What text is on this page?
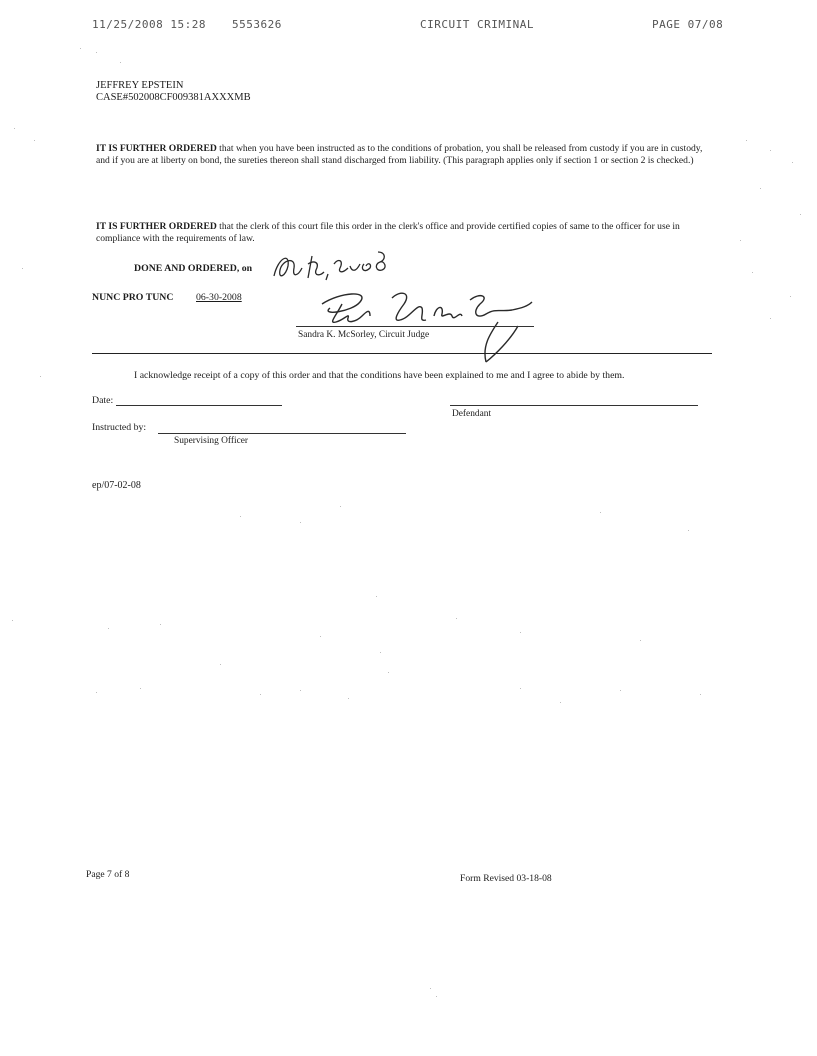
11/25/2008 15:28 5553626	CIRCUIT CRIMINAL	PAGE 07/08
JEFFREY EPSTEIN
CASE#502008CF009381AXXXMB
IT IS FURTHER ORDERED that when you have been instructed as to the conditions of probation, you shall be released from custody if you are in custody, and if you are at liberty on bond, the sureties thereon shall stand discharged from liability. (This paragraph applies only if section 1 or section 2 is checked.)
IT IS FURTHER ORDERED that the clerk of this court file this order in the clerk's office and provide certified copies of same to the officer for use in compliance with the requirements of law.
DONE AND ORDERED, on
NUNC PRO TUNC 06-30-2008
Sandra K. McSorley, Circuit Judge
I acknowledge receipt of a copy of this order and that the conditions have been explained to me and I agree to abide by them.
Date:
Defendant
Instructed by:
Supervising Officer
ep/07-02-08
Page 7 of 8	Form Revised 03-18-08
